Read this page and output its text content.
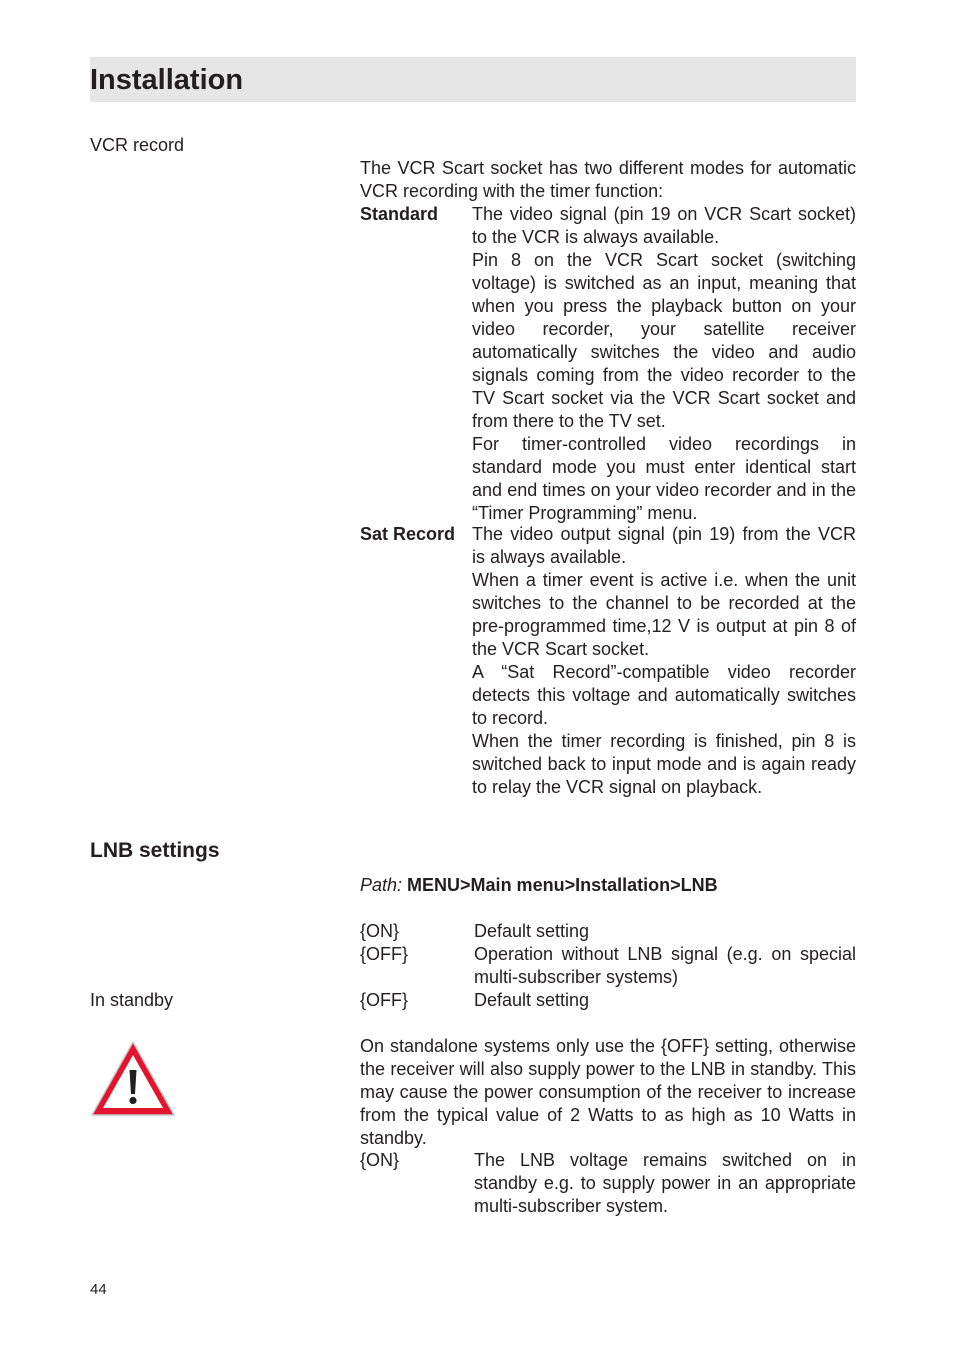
Installation
VCR record
The VCR Scart socket has two different modes for automatic VCR recording with the timer function:
Standard The video signal (pin 19 on VCR Scart socket) to the VCR is always available.

Pin 8 on the VCR Scart socket (switching voltage) is switched as an input, meaning that when you press the playback button on your video recorder, your satellite receiver automatically switches the video and audio signals coming from the video recorder to the TV Scart socket via the VCR Scart socket and from there to the TV set.

For timer-controlled video recordings in standard mode you must enter identical start and end times on your video recorder and in the “Timer Programming” menu.

Sat Record The video output signal (pin 19) from the VCR is always available.

When a timer event is active i.e. when the unit switches to the channel to be recorded at the pre-programmed time,12 V is output at pin 8 of the VCR Scart socket.

A “Sat Record”-compatible video recorder detects this voltage and automatically switches to record.

When the timer recording is finished, pin 8 is switched back to input mode and is again ready to relay the VCR signal on playback.

LNB settings
Path: MENU>Main menu>Installation>LNB
{ON}	Default setting
{OFF}	Operation without LNB signal (e.g. on special multi-subscriber systems)
In standby	{OFF}	Default setting
On standalone systems only use the {OFF} setting, otherwise the receiver will also supply power to the LNB in standby. This may cause the power consumption of the receiver to increase from the typical value of 2 Watts to as high as 10 Watts in standby.
{ON}	The LNB voltage remains switched on in standby e.g. to supply power in an appropriate multi-subscriber system.
44
